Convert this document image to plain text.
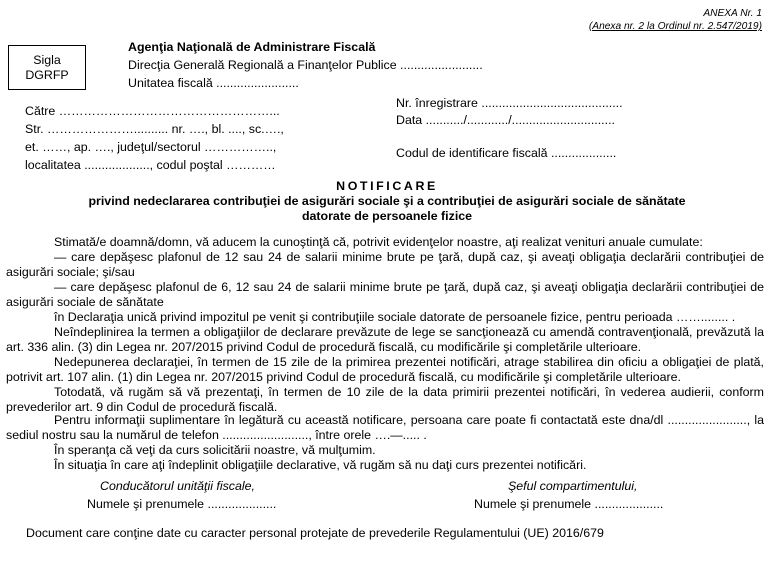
ANEXA Nr. 1
(Anexa nr. 2 la Ordinul nr. 2.547/2019)
Sigla
DGRFP
Agenţia Naţională de Administrare Fiscală
Direcţia Generală Regională a Finanţelor Publice ........................
Unitatea fiscală ........................
Către ……………………………………………...
Str. ………………….......... nr. …., bl. ...., sc.….,
et. ……, ap. …., judeţul/sectorul ……………..,
localitatea ..................., codul poştal …………
Nr. înregistrare .........................................
Data .........../............/..............................
Codul de identificare fiscală ...................
NOTIFICARE
privind nedeclararea contribuţiei de asigurări sociale şi a contribuţiei de asigurări sociale de sănătate
datorate de persoanele fizice
Stimată/e doamnă/domn, vă aducem la cunoştinţă că, potrivit evidenţelor noastre, aţi realizat venituri anuale cumulate:
— care depăşesc plafonul de 12 sau 24 de salarii minime brute pe ţară, după caz, şi aveaţi obligaţia declarării contribuţiei de asigurări sociale; şi/sau
— care depăşesc plafonul de 6, 12 sau 24 de salarii minime brute pe ţară, după caz, şi aveaţi obligaţia declarării contribuţiei de asigurări sociale de sănătate
în Declaraţia unică privind impozitul pe venit şi contribuţiile sociale datorate de persoanele fizice, pentru perioada ……........ .
Neîndeplinirea la termen a obligaţiilor de declarare prevăzute de lege se sancţionează cu amendă contravenţională, prevăzută la art. 336 alin. (3) din Legea nr. 207/2015 privind Codul de procedură fiscală, cu modificările şi completările ulterioare.
Nedepunerea declaraţiei, în termen de 15 zile de la primirea prezentei notificări, atrage stabilirea din oficiu a obligaţiei de plată, potrivit art. 107 alin. (1) din Legea nr. 207/2015 privind Codul de procedură fiscală, cu modificările şi completările ulterioare.
Totodată, vă rugăm să vă prezentaţi, în termen de 10 zile de la data primirii prezentei notificări, în vederea audierii, conform prevederilor art. 9 din Codul de procedură fiscală.
Pentru informaţii suplimentare în legătură cu această notificare, persoana care poate fi contactată este dna/dl ......................., la sediul nostru sau la numărul de telefon ........................., între orele ….—..... .
În speranţa că veţi da curs solicitării noastre, vă mulţumim.
În situaţia în care aţi îndeplinit obligaţiile declarative, vă rugăm să nu daţi curs prezentei notificări.
Conducătorul unităţii fiscale,
Numele şi prenumele ....................
Şeful compartimentului,
Numele şi prenumele ....................
Document care conţine date cu caracter personal protejate de prevederile Regulamentului (UE) 2016/679
